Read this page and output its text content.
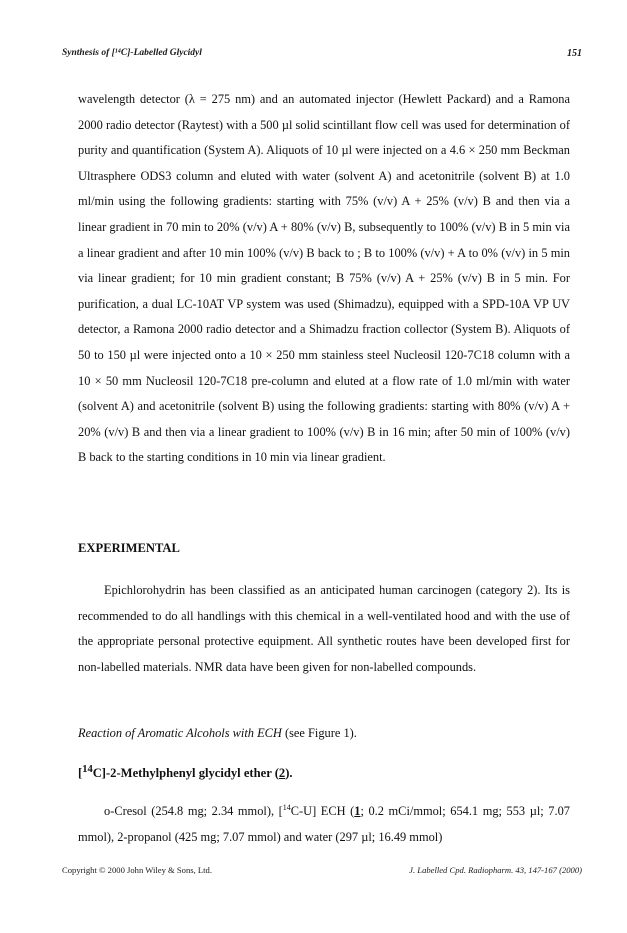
Synthesis of [¹⁴C]-Labelled Glycidyl	151

wavelength detector (λ = 275 nm) and an automated injector (Hewlett Packard) and a Ramona 2000 radio detector (Raytest) with a 500 µl solid scintillant flow cell was used for determination of purity and quantification (System A). Aliquots of 10 µl were injected on a 4.6 × 250 mm Beckman Ultrasphere ODS3 column and eluted with water (solvent A) and acetonitrile (solvent B) at 1.0 ml/min using the following gradients: starting with 75% (v/v) A + 25% (v/v) B and then via a linear gradient in 70 min to 20% (v/v) A + 80% (v/v) B, subsequently to 100% (v/v) B in 5 min via a linear gradient and after 10 min 100% (v/v) B back to ; B to 100% (v/v) + A to 0% (v/v) in 5 min via linear gradient; for 10 min gradient constant; B 75% (v/v) A + 25% (v/v) B in 5 min. For purification, a dual LC-10AT VP system was used (Shimadzu), equipped with a SPD-10A VP UV detector, a Ramona 2000 radio detector and a Shimadzu fraction collector (System B). Aliquots of 50 to 150 µl were injected onto a 10 × 250 mm stainless steel Nucleosil 120-7C18 column with a 10 × 50 mm Nucleosil 120-7C18 pre-column and eluted at a flow rate of 1.0 ml/min with water (solvent A) and acetonitrile (solvent B) using the following gradients: starting with 80% (v/v) A + 20% (v/v) B and then via a linear gradient to 100% (v/v) B in 16 min; after 50 min of 100% (v/v) B back to the starting conditions in 10 min via linear gradient.

EXPERIMENTAL

Epichlorohydrin has been classified as an anticipated human carcinogen (category 2). Its is recommended to do all handlings with this chemical in a well-ventilated hood and with the use of the appropriate personal protective equipment. All synthetic routes have been developed first for non-labelled materials. NMR data have been given for non-labelled compounds.

Reaction of Aromatic Alcohols with ECH (see Figure 1).
[$^{14}$C]-2-Methylphenyl glycidyl ether (2).

o-Cresol (254.8 mg; 2.34 mmol), [$^{14}$C-U] ECH (1; 0.2 mCi/mmol; 654.1 mg; 553 µl; 7.07 mmol), 2-propanol (425 mg; 7.07 mmol) and water (297 µl; 16.49 mmol)

Copyright © 2000 John Wiley & Sons, Ltd.	J. Labelled Cpd. Radiopharm. 43, 147-167 (2000)
